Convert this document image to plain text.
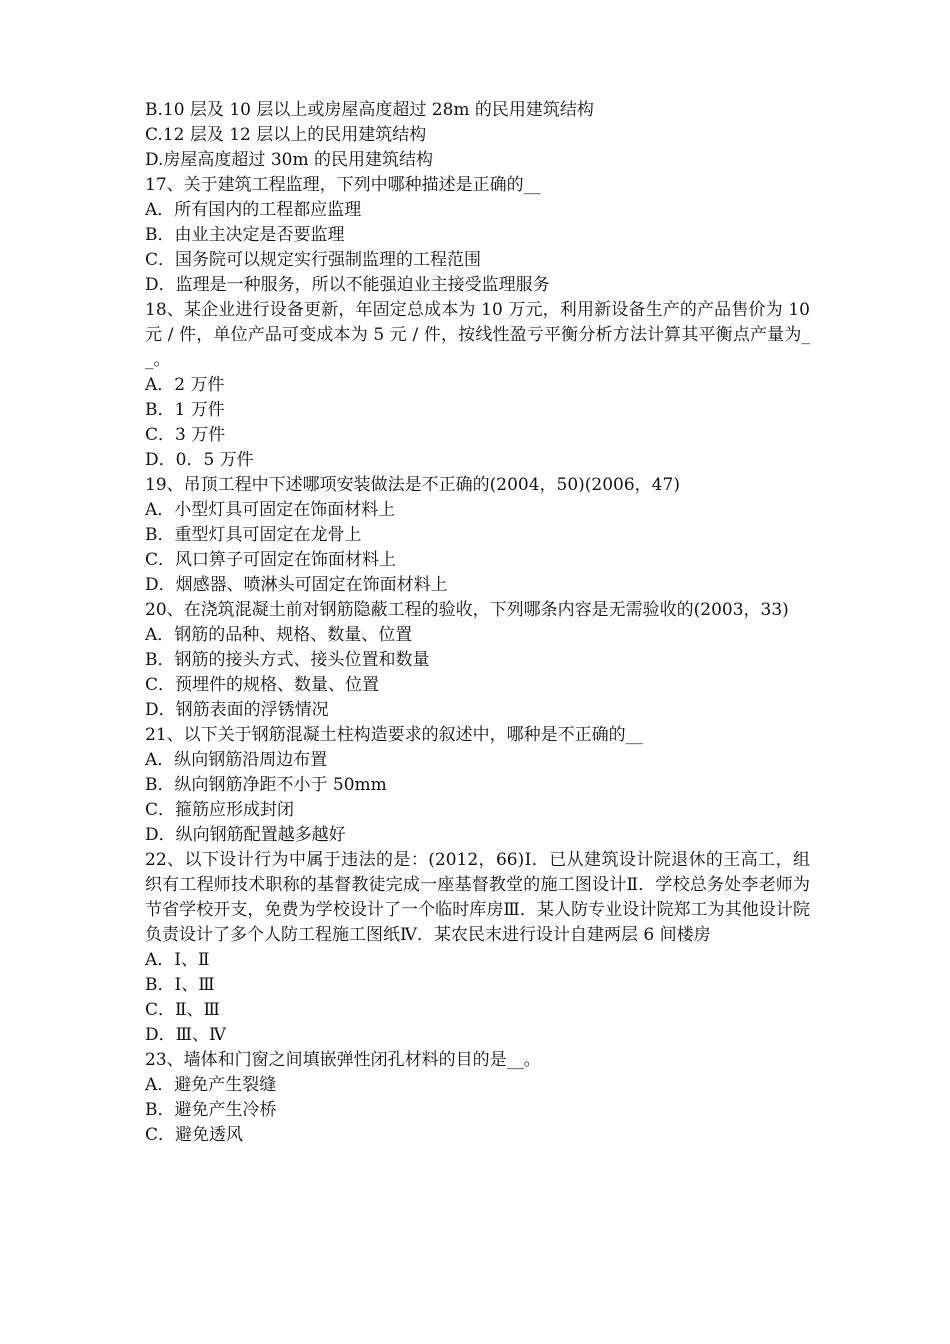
B.10 层及 10 层以上或房屋高度超过 28m 的民用建筑结构
C.12 层及 12 层以上的民用建筑结构
D.房屋高度超过 30m 的民用建筑结构
17、关于建筑工程监理，下列中哪种描述是正确的__
A．所有国内的工程都应监理
B．由业主决定是否要监理
C．国务院可以规定实行强制监理的工程范围
D．监理是一种服务，所以不能强迫业主接受监理服务
18、某企业进行设备更新，年固定总成本为 10 万元，利用新设备生产的产品售价为 10 元 / 件，单位产品可变成本为 5 元 / 件，按线性盈亏平衡分析方法计算其平衡点产量为__。
A．2 万件
B．1 万件
C．3 万件
D．0．5 万件
19、吊顶工程中下述哪项安装做法是不正确的(2004，50)(2006，47)
A．小型灯具可固定在饰面材料上
B．重型灯具可固定在龙骨上
C．风口箅子可固定在饰面材料上
D．烟感器、喷淋头可固定在饰面材料上
20、在浇筑混凝土前对钢筋隐蔽工程的验收，下列哪条内容是无需验收的(2003，33)
A．钢筋的品种、规格、数量、位置
B．钢筋的接头方式、接头位置和数量
C．预埋件的规格、数量、位置
D．钢筋表面的浮锈情况
21、以下关于钢筋混凝土柱构造要求的叙述中，哪种是不正确的__
A．纵向钢筋沿周边布置
B．纵向钢筋净距不小于 50mm
C．箍筋应形成封闭
D．纵向钢筋配置越多越好
22、以下设计行为中属于违法的是：(2012，66)Ⅰ．已从建筑设计院退休的王高工，组织有工程师技术职称的基督教徒完成一座基督教堂的施工图设计Ⅱ．学校总务处李老师为节省学校开支，免费为学校设计了一个临时库房Ⅲ．某人防专业设计院郑工为其他设计院负责设计了多个人防工程施工图纸Ⅳ．某农民末进行设计自建两层 6 间楼房
A．Ⅰ、Ⅱ
B．Ⅰ、Ⅲ
C．Ⅱ、Ⅲ
D．Ⅲ、Ⅳ
23、墙体和门窗之间填嵌弹性闭孔材料的目的是__。
A．避免产生裂缝
B．避免产生冷桥
C．避免透风
